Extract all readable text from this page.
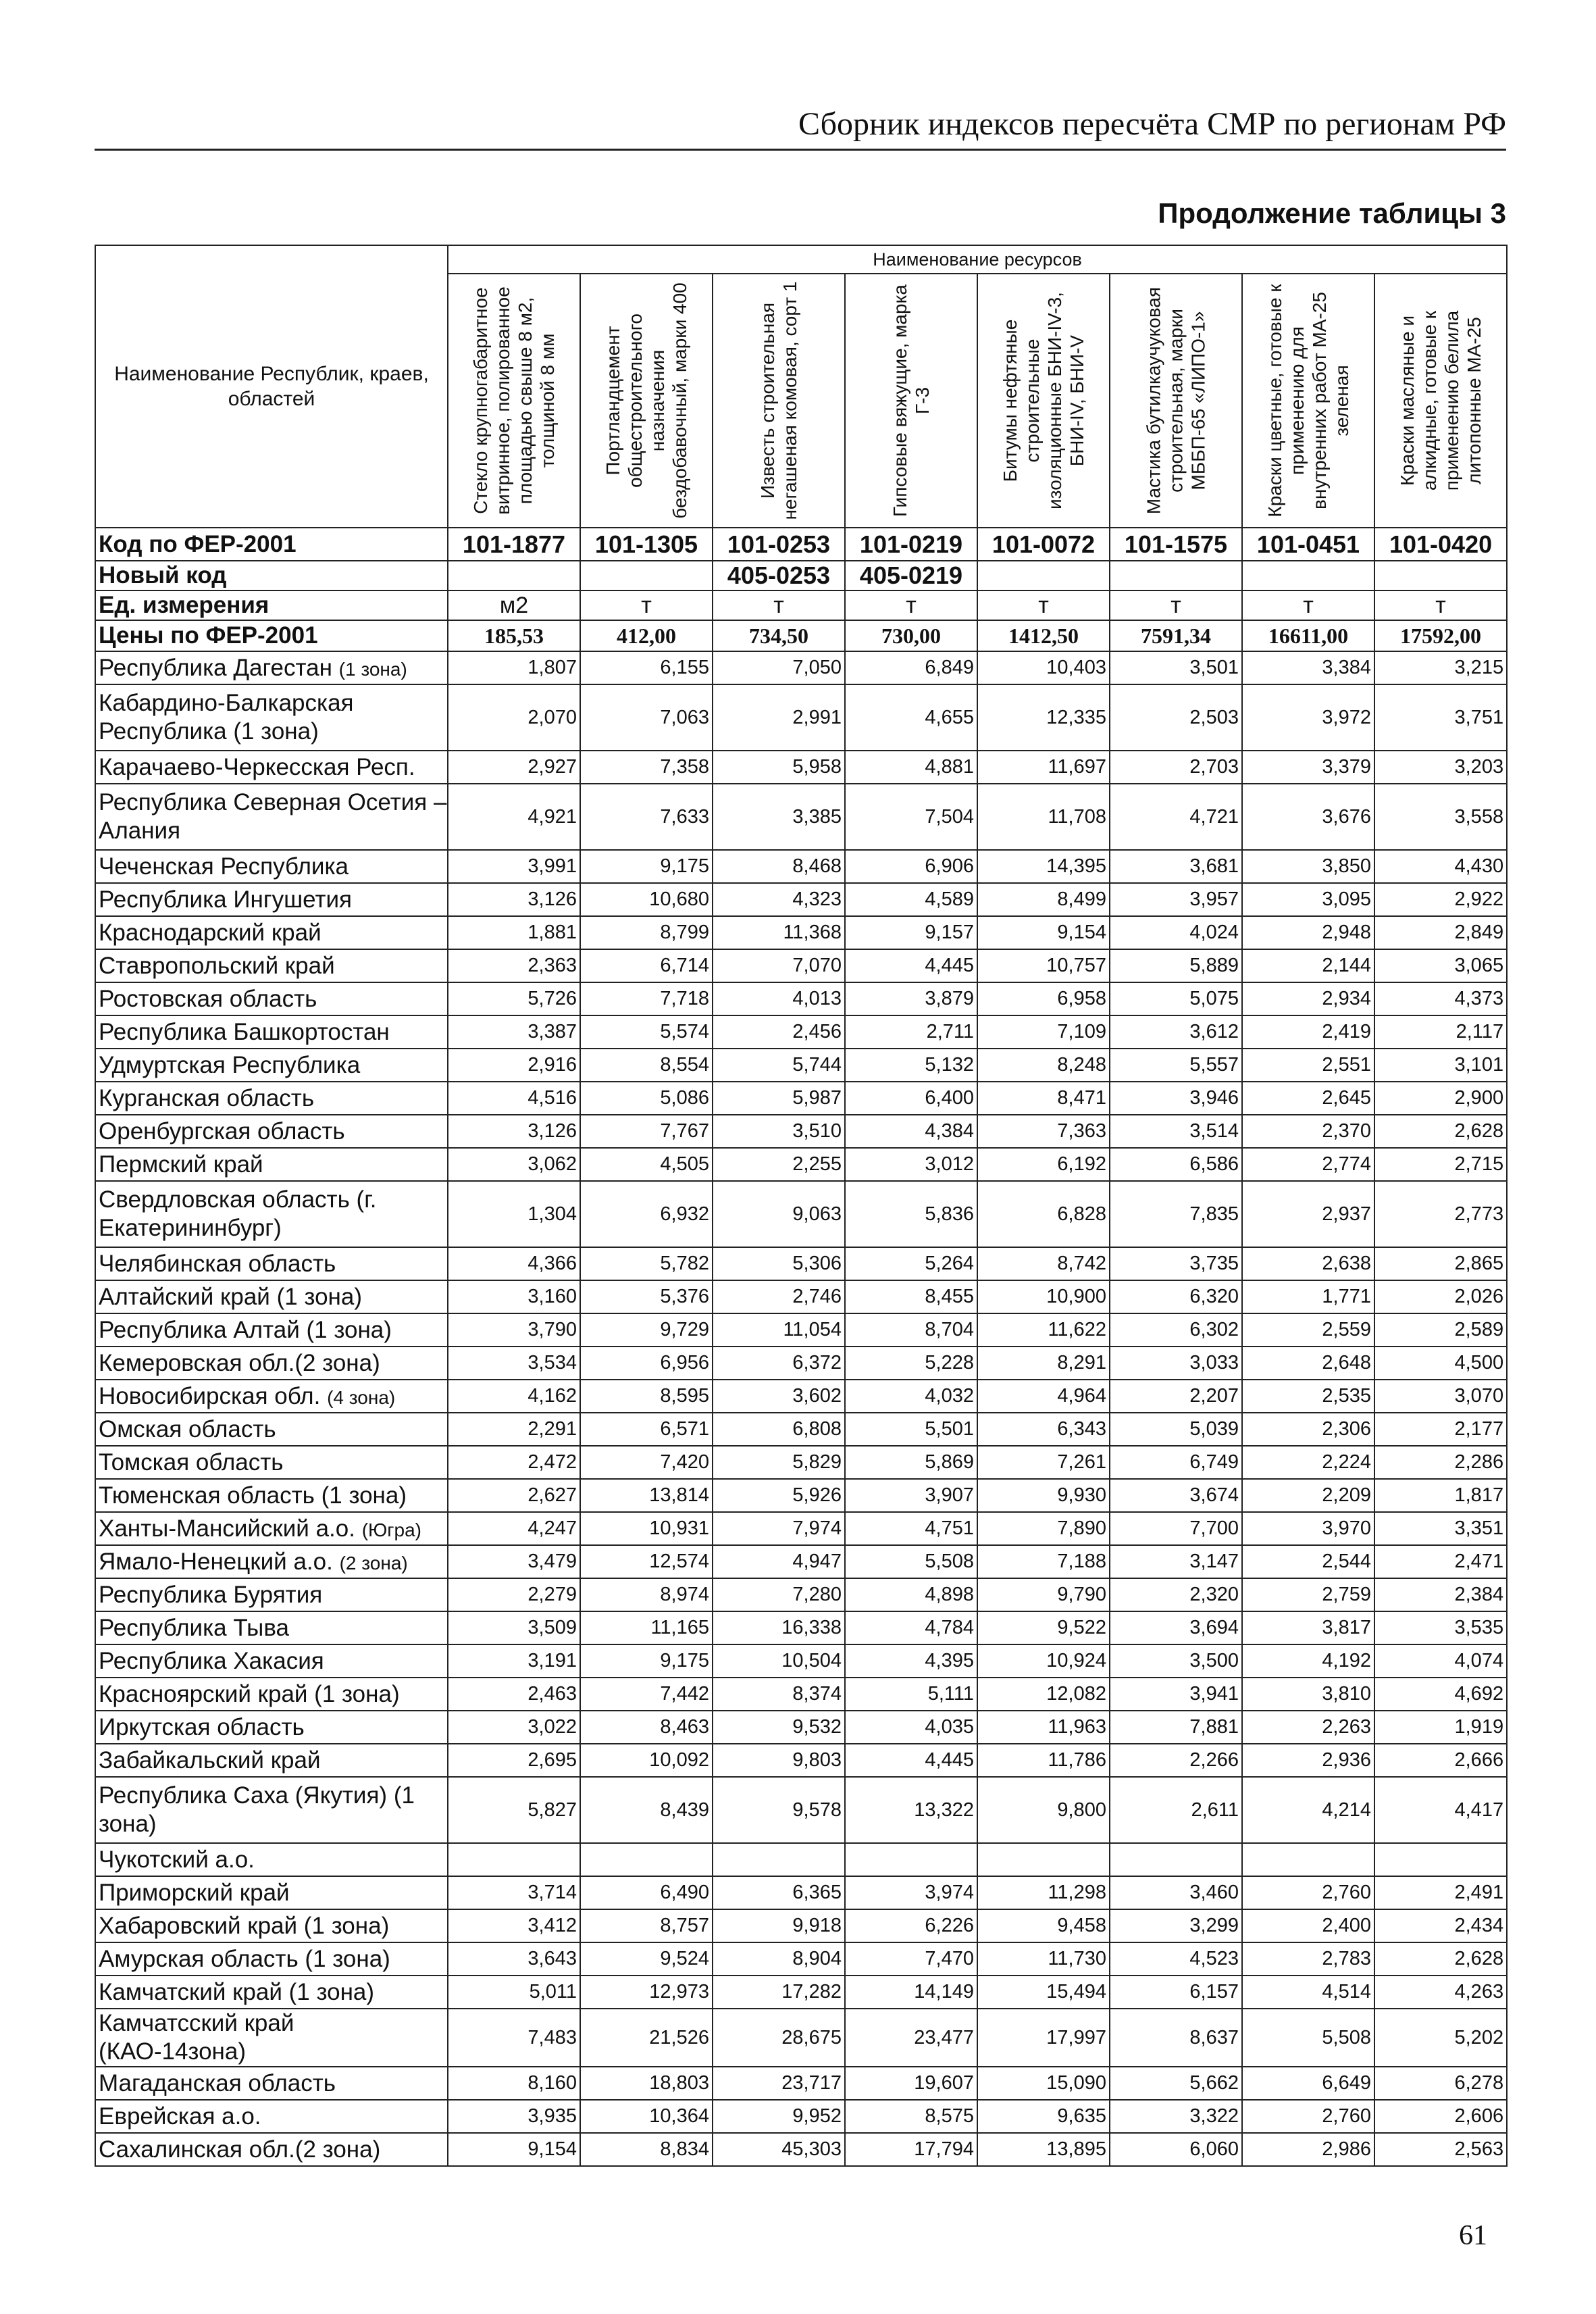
Сборник индексов пересчёта СМР по регионам РФ
Продолжение таблицы 3
Наименование Республик, краев, областей	Наименование ресурсов							

	Стекло крупногабаритное витринное, полированное площадью свыше 8 м2, толщиной 8 мм	Портландцемент общестроительного назначения бездобавочный, марки 400	Известь строительная негашеная комовая, сорт 1	Гипсовые вяжущие, марка Г-3	Битумы нефтяные строительные изоляционные БНИ-IV-3, БНИ-IV, БНИ-V	Мастика бутилкаучуковая строительная, марки МББП-65 «ЛИПО-1»	Краски цветные, готовые к применению для внутренних работ МА-25 зеленая	Краски масляные и алкидные, готовые к применению белила литопонные МА-25

Код по ФЕР-2001	101-1877	101-1305	101-0253	101-0219	101-0072	101-1575	101-0451	101-0420
Новый код			405-0253	405-0219				
Ед. измерения	м2	т	т	т	т	т	т	т
Цены по ФЕР-2001	185,53	412,00	734,50	730,00	1412,50	7591,34	16611,00	17592,00
Республика Дагестан (1 зона)	1,807	6,155	7,050	6,849	10,403	3,501	3,384	3,215
Кабардино-Балкарская Республика (1 зона)	2,070	7,063	2,991	4,655	12,335	2,503	3,972	3,751
Карачаево-Черкесская Респ.	2,927	7,358	5,958	4,881	11,697	2,703	3,379	3,203
Республика Северная Осетия – Алания	4,921	7,633	3,385	7,504	11,708	4,721	3,676	3,558
Чеченская Республика	3,991	9,175	8,468	6,906	14,395	3,681	3,850	4,430
Республика Ингушетия	3,126	10,680	4,323	4,589	8,499	3,957	3,095	2,922
Краснодарский край	1,881	8,799	11,368	9,157	9,154	4,024	2,948	2,849
Ставропольский край	2,363	6,714	7,070	4,445	10,757	5,889	2,144	3,065
Ростовская область	5,726	7,718	4,013	3,879	6,958	5,075	2,934	4,373
Республика Башкортостан	3,387	5,574	2,456	2,711	7,109	3,612	2,419	2,117
Удмуртская Республика	2,916	8,554	5,744	5,132	8,248	5,557	2,551	3,101
Курганская область	4,516	5,086	5,987	6,400	8,471	3,946	2,645	2,900
Оренбургская область	3,126	7,767	3,510	4,384	7,363	3,514	2,370	2,628
Пермский край	3,062	4,505	2,255	3,012	6,192	6,586	2,774	2,715
Свердловская область (г. Екатерининбург)	1,304	6,932	9,063	5,836	6,828	7,835	2,937	2,773
Челябинская область	4,366	5,782	5,306	5,264	8,742	3,735	2,638	2,865
Алтайский край (1 зона)	3,160	5,376	2,746	8,455	10,900	6,320	1,771	2,026
Республика Алтай (1 зона)	3,790	9,729	11,054	8,704	11,622	6,302	2,559	2,589
Кемеровская обл.(2 зона)	3,534	6,956	6,372	5,228	8,291	3,033	2,648	4,500
Новосибирская обл. (4 зона)	4,162	8,595	3,602	4,032	4,964	2,207	2,535	3,070
Омская область	2,291	6,571	6,808	5,501	6,343	5,039	2,306	2,177
Томская область	2,472	7,420	5,829	5,869	7,261	6,749	2,224	2,286
Тюменская область (1 зона)	2,627	13,814	5,926	3,907	9,930	3,674	2,209	1,817
Ханты-Мансийский а.о. (Югра)	4,247	10,931	7,974	4,751	7,890	7,700	3,970	3,351
Ямало-Ненецкий а.о. (2 зона)	3,479	12,574	4,947	5,508	7,188	3,147	2,544	2,471
Республика Бурятия	2,279	8,974	7,280	4,898	9,790	2,320	2,759	2,384
Республика Тыва	3,509	11,165	16,338	4,784	9,522	3,694	3,817	3,535
Республика Хакасия	3,191	9,175	10,504	4,395	10,924	3,500	4,192	4,074
Красноярский край (1 зона)	2,463	7,442	8,374	5,111	12,082	3,941	3,810	4,692
Иркутская область	3,022	8,463	9,532	4,035	11,963	7,881	2,263	1,919
Забайкальский край	2,695	10,092	9,803	4,445	11,786	2,266	2,936	2,666
Республика Саха (Якутия) (1 зона)	5,827	8,439	9,578	13,322	9,800	2,611	4,214	4,417
Чукотский а.о.								
Приморский край	3,714	6,490	6,365	3,974	11,298	3,460	2,760	2,491
Хабаровский край (1 зона)	3,412	8,757	9,918	6,226	9,458	3,299	2,400	2,434
Амурская область (1 зона)	3,643	9,524	8,904	7,470	11,730	4,523	2,783	2,628
Камчатский край (1 зона)	5,011	12,973	17,282	14,149	15,494	6,157	4,514	4,263
Камчатсский край (КАО-14зона)	7,483	21,526	28,675	23,477	17,997	8,637	5,508	5,202
Магаданская область	8,160	18,803	23,717	19,607	15,090	5,662	6,649	6,278
Еврейская а.о.	3,935	10,364	9,952	8,575	9,635	3,322	2,760	2,606
Сахалинская обл.(2 зона)	9,154	8,834	45,303	17,794	13,895	6,060	2,986	2,563
61
